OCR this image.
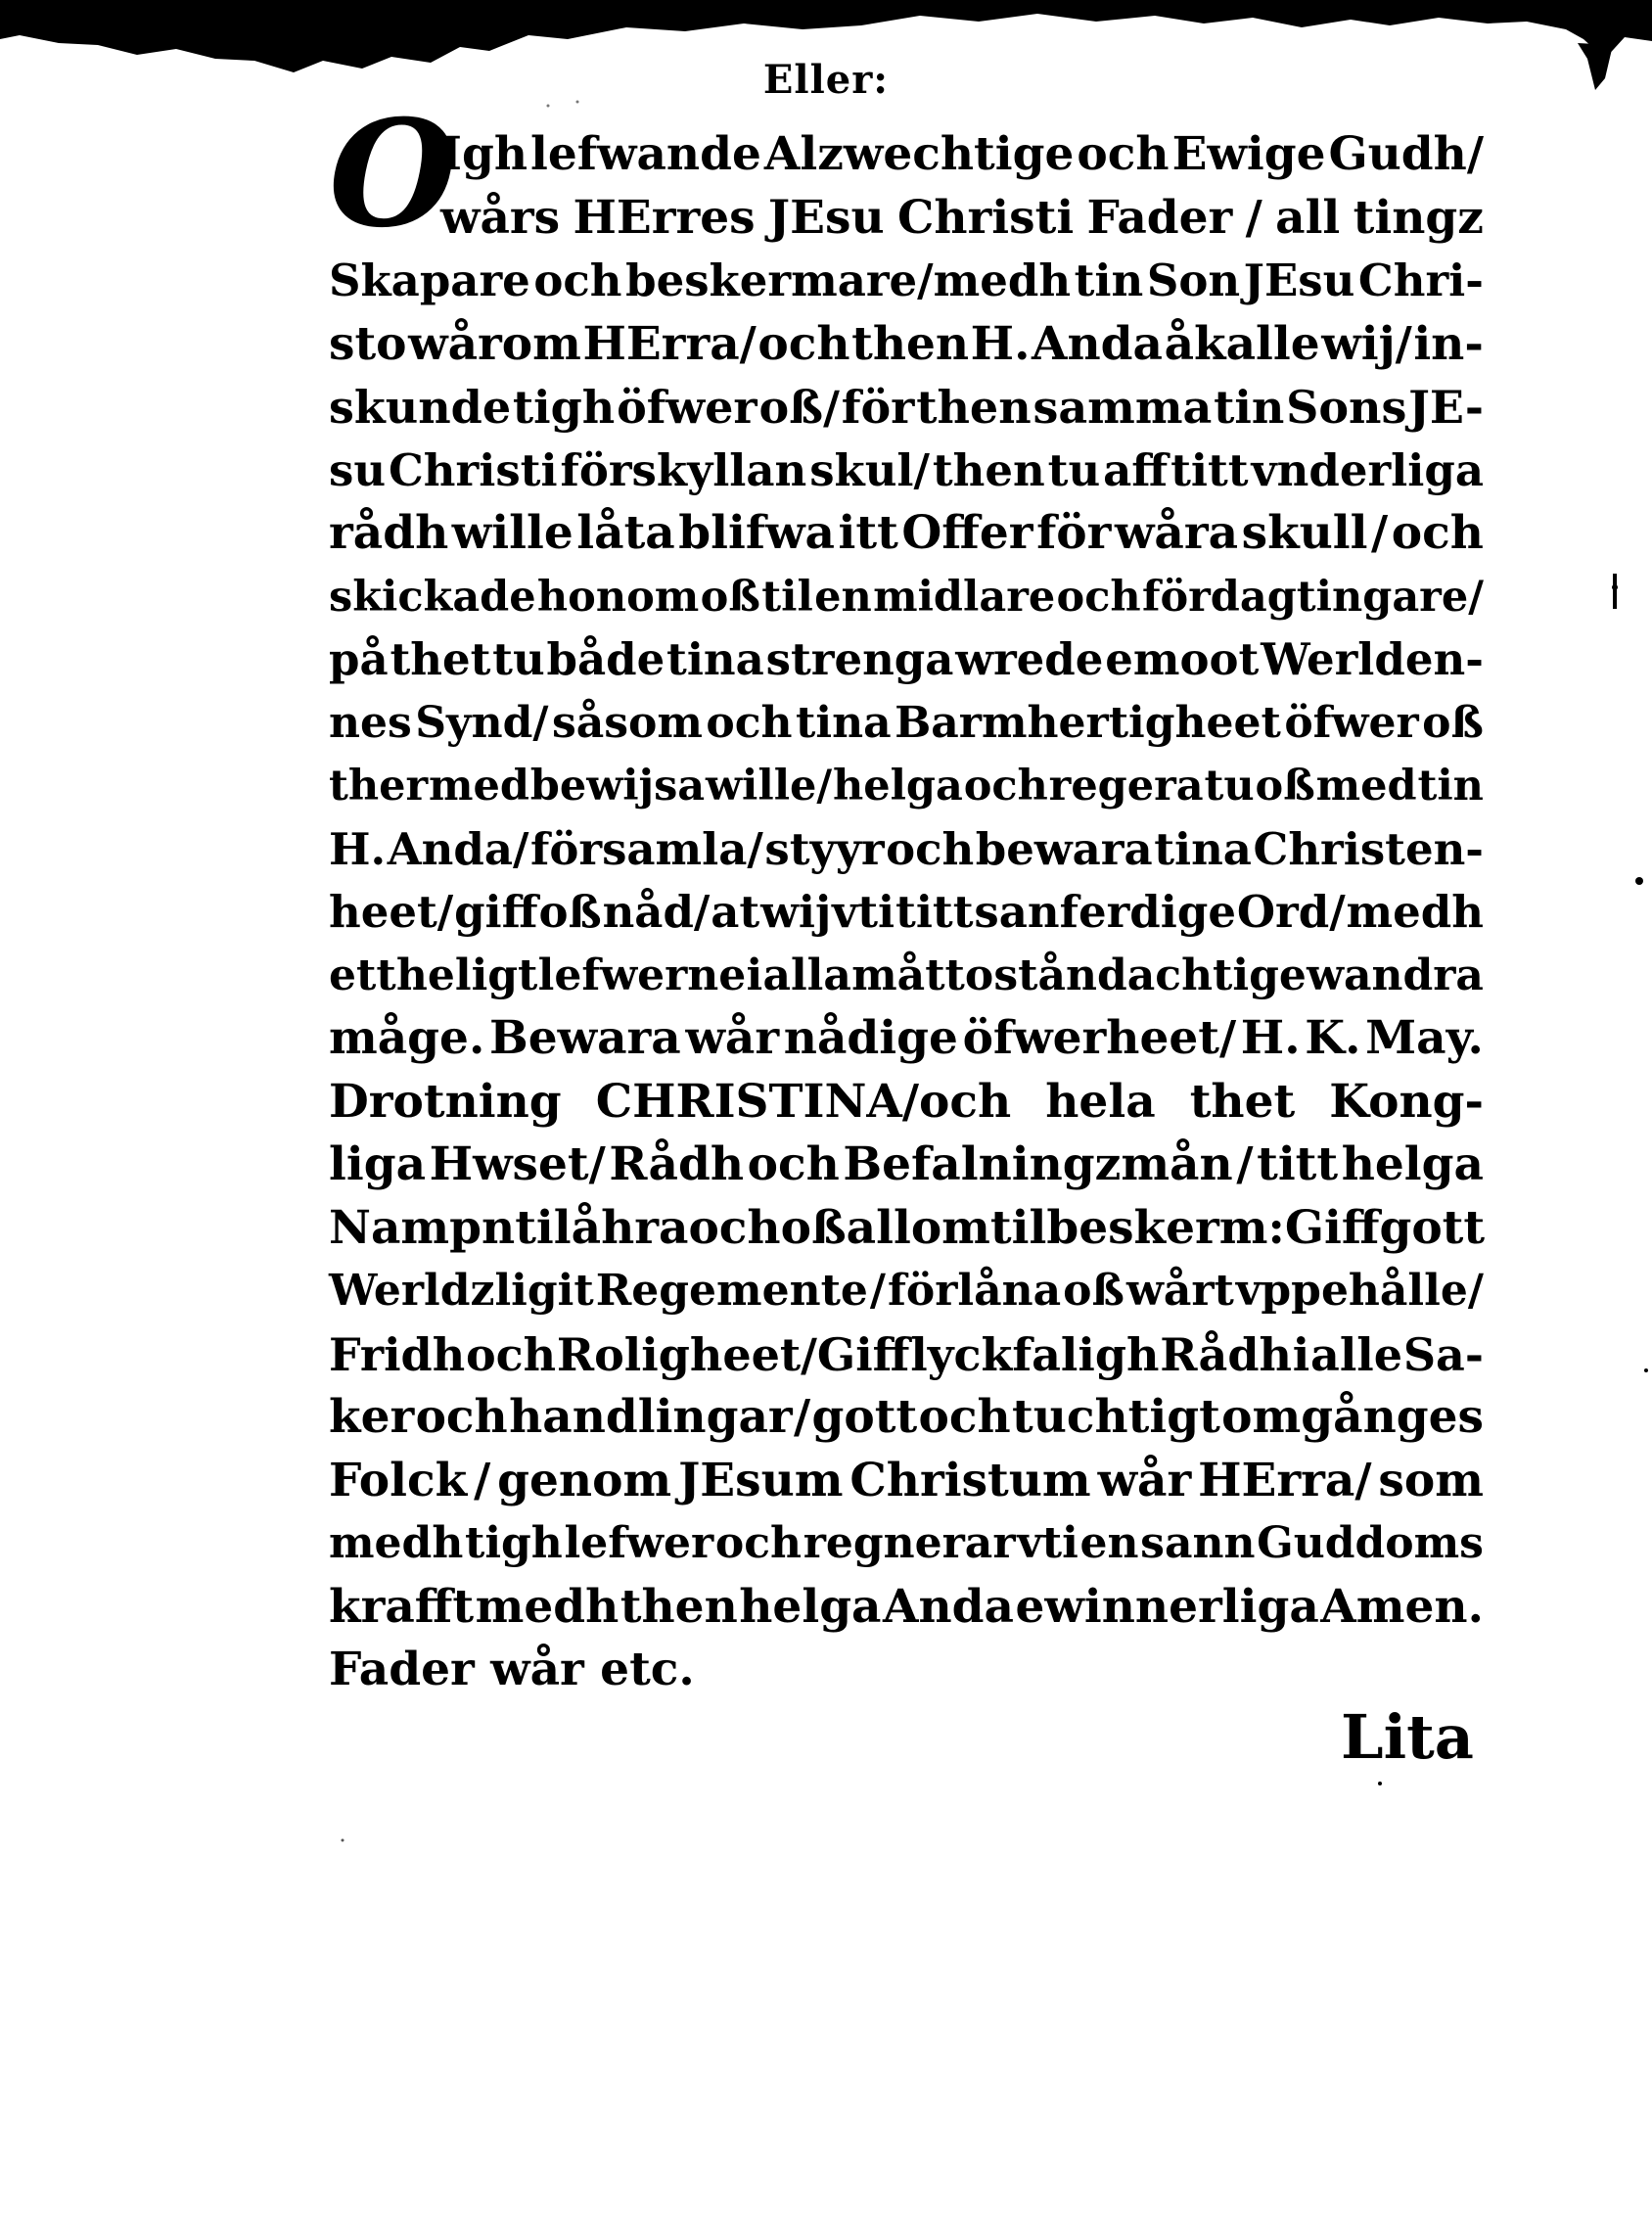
Eller:
O
Igh lefwande Alzwechtige och Ewige Gudh/
wårs HErres JEsu Christi Fader / all tingz
Skapare och beskermare/medh tin Son JEsu Chri-
sto wårom HErra/ och then H. Anda åkalle wij/ in-
skunde tigh öfwer oß/ för then samma tin Sons JE-
su Christi förskyllan skul/ then tu aff titt vnderliga
rådh wille låta blifwa itt Offer för wåra skull / och
skickade honom oß til en midlare och fördagtingare/
på thet tu både tina strenga wrede emoot Werlden-
nes Synd/ såsom och tina Barmhertigheet öfwer oß
ther med bewijsa wille/ helga och regera tu oß med tin
H. Anda/ församla/ styyr och bewara tina Christen-
heet/ giff oß nåd/ at wij vti titt sanferdige Ord/ medh
ett heligt lefwerne i alla måtto ståndachtige wandra
måge. Bewara wår nådige öfwerheet/ H. K. May.
Drotning CHRISTINA/och hela thet Kong-
liga Hwset/ Rådh och Befalningzmån / titt helga
Nampn til åhra och oß allom til beskerm: Giff gott
Werldzligit Regemente / förlåna oß wårt vppehålle/
Fridh och Roligheet/Giff lyckfaligh Rådh i alle Sa-
ker och handlingar / gott och tuchtigt omgånges
Folck / genom JEsum Christum wår HErra/ som
medh tigh lefwer och regnerar vti en sann Guddoms
krafft medh then helga Anda ewinnerliga Amen.
Fader wår etc.
Lita
